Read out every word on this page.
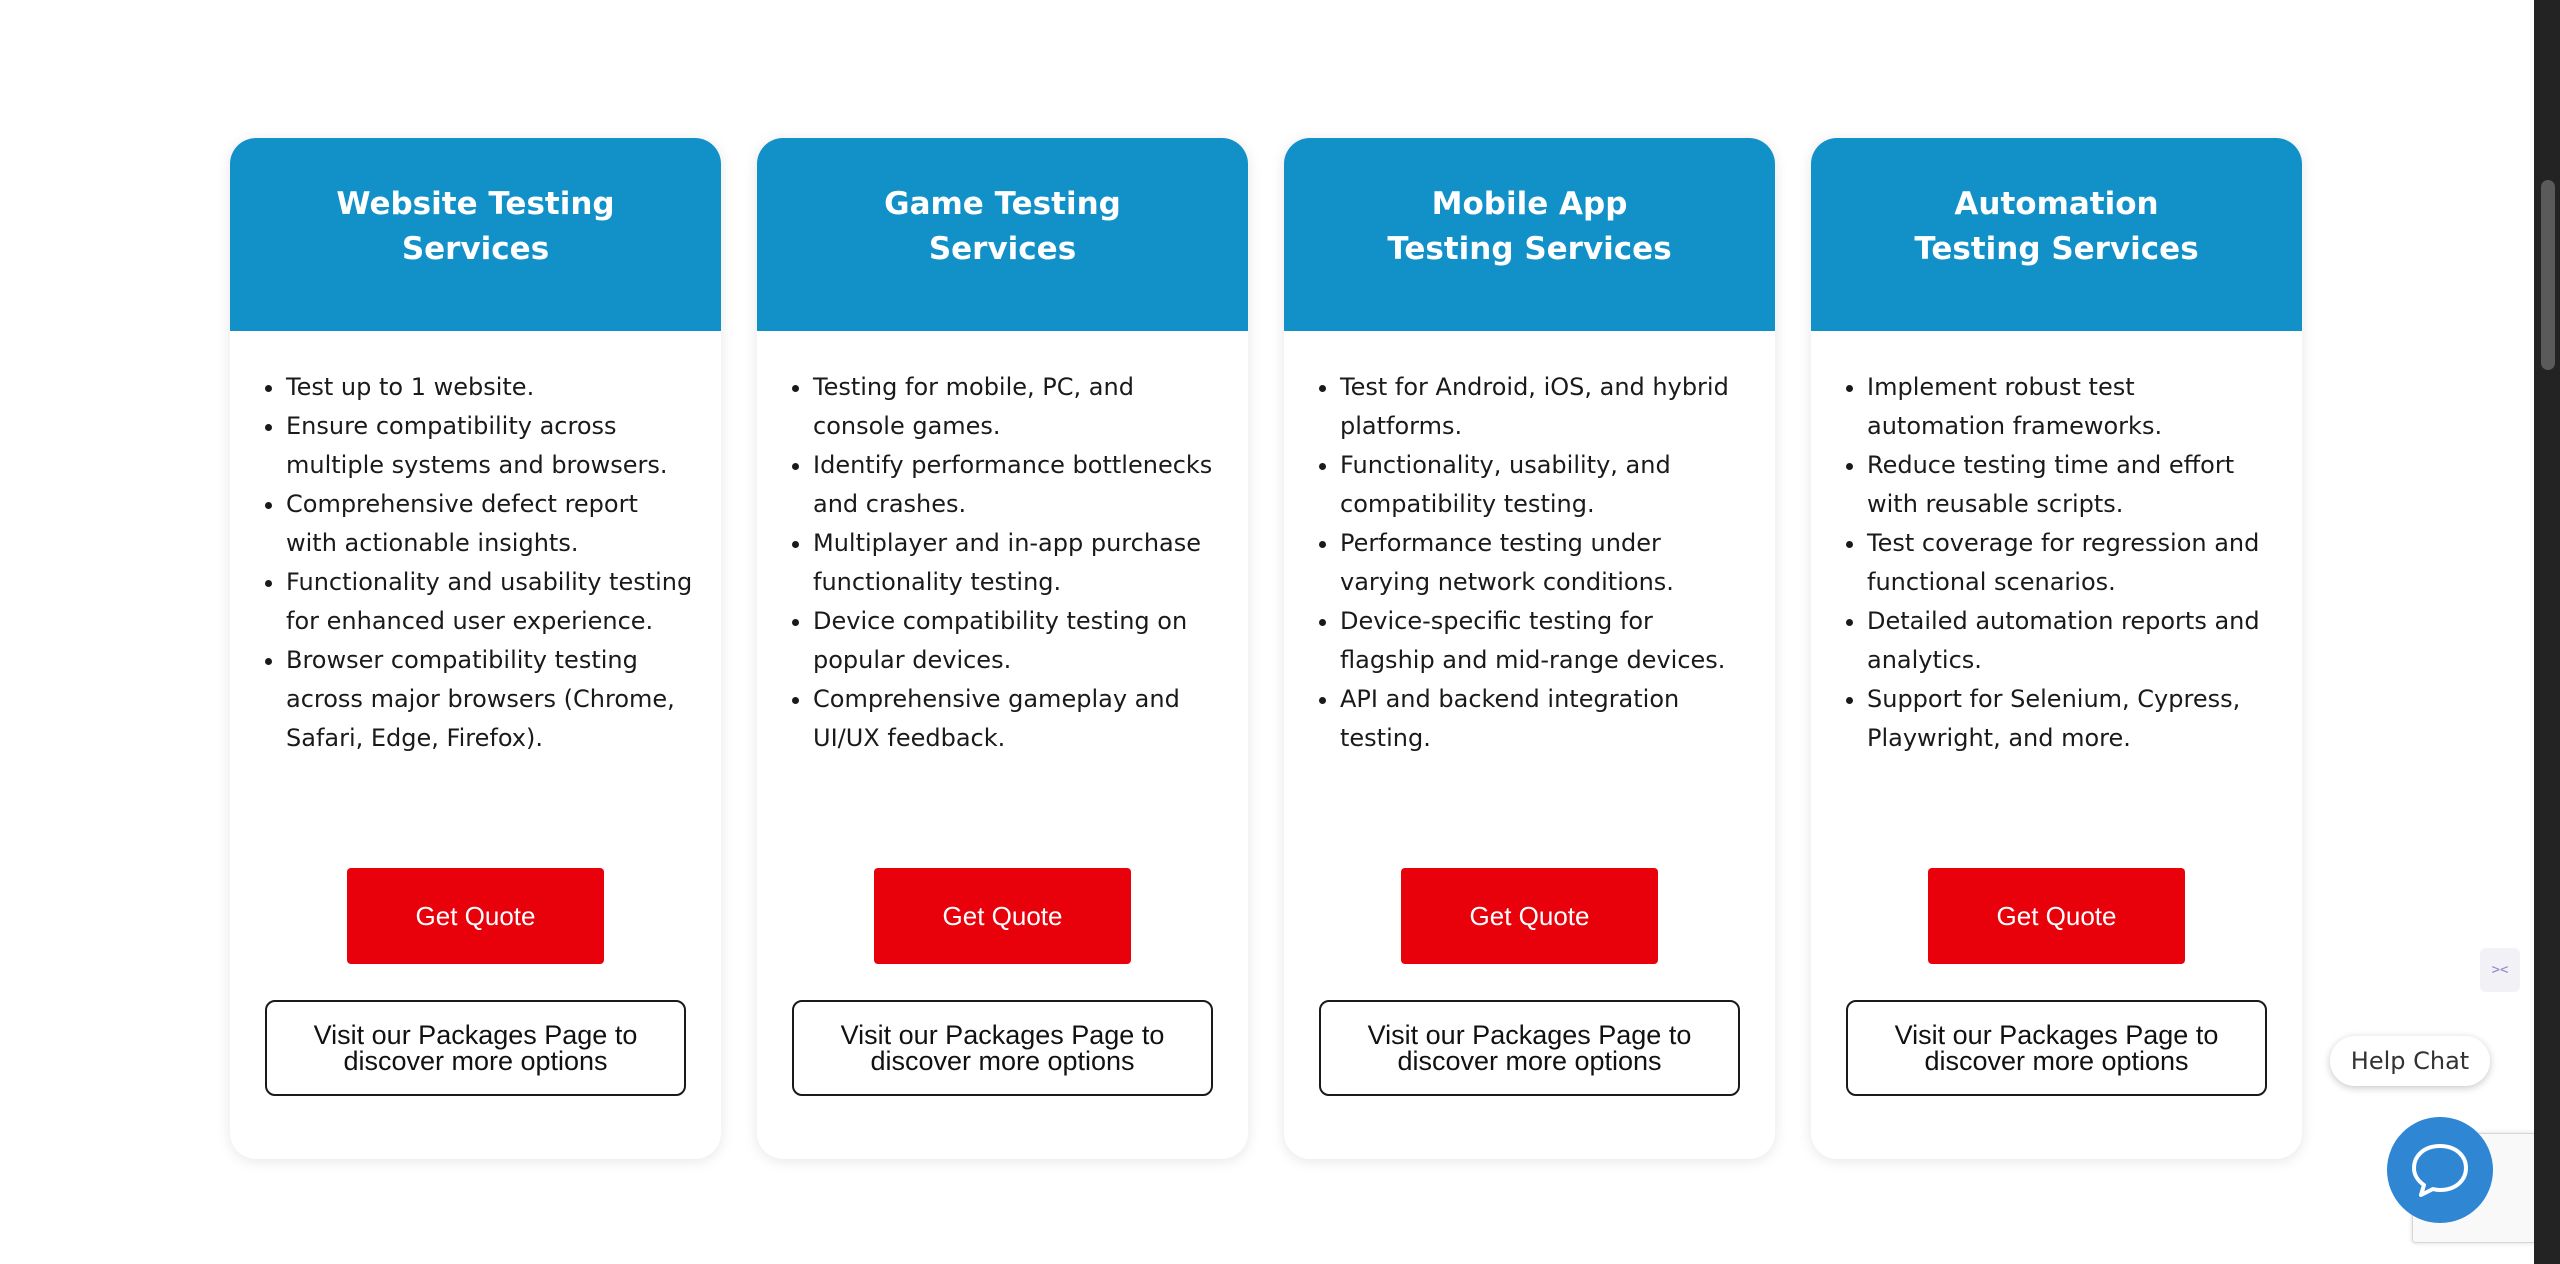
Website Testing Services
• Test up to 1 website.
• Ensure compatibility across multiple systems and browsers.
• Comprehensive defect report with actionable insights.
• Functionality and usability testing for enhanced user experience.
• Browser compatibility testing across major browsers (Chrome, Safari, Edge, Firefox).
Get Quote
Visit our Packages Page to discover more options
Game Testing Services
• Testing for mobile, PC, and console games.
• Identify performance bottlenecks and crashes.
• Multiplayer and in-app purchase functionality testing.
• Device compatibility testing on popular devices.
• Comprehensive gameplay and UI/UX feedback.
Get Quote
Visit our Packages Page to discover more options
Mobile App Testing Services
• Test for Android, iOS, and hybrid platforms.
• Functionality, usability, and compatibility testing.
• Performance testing under varying network conditions.
• Device-specific testing for flagship and mid-range devices.
• API and backend integration testing.
Get Quote
Visit our Packages Page to discover more options
Automation Testing Services
• Implement robust test automation frameworks.
• Reduce testing time and effort with reusable scripts.
• Test coverage for regression and functional scenarios.
• Detailed automation reports and analytics.
• Support for Selenium, Cypress, Playwright, and more.
Get Quote
Visit our Packages Page to discover more options
><
Help Chat
